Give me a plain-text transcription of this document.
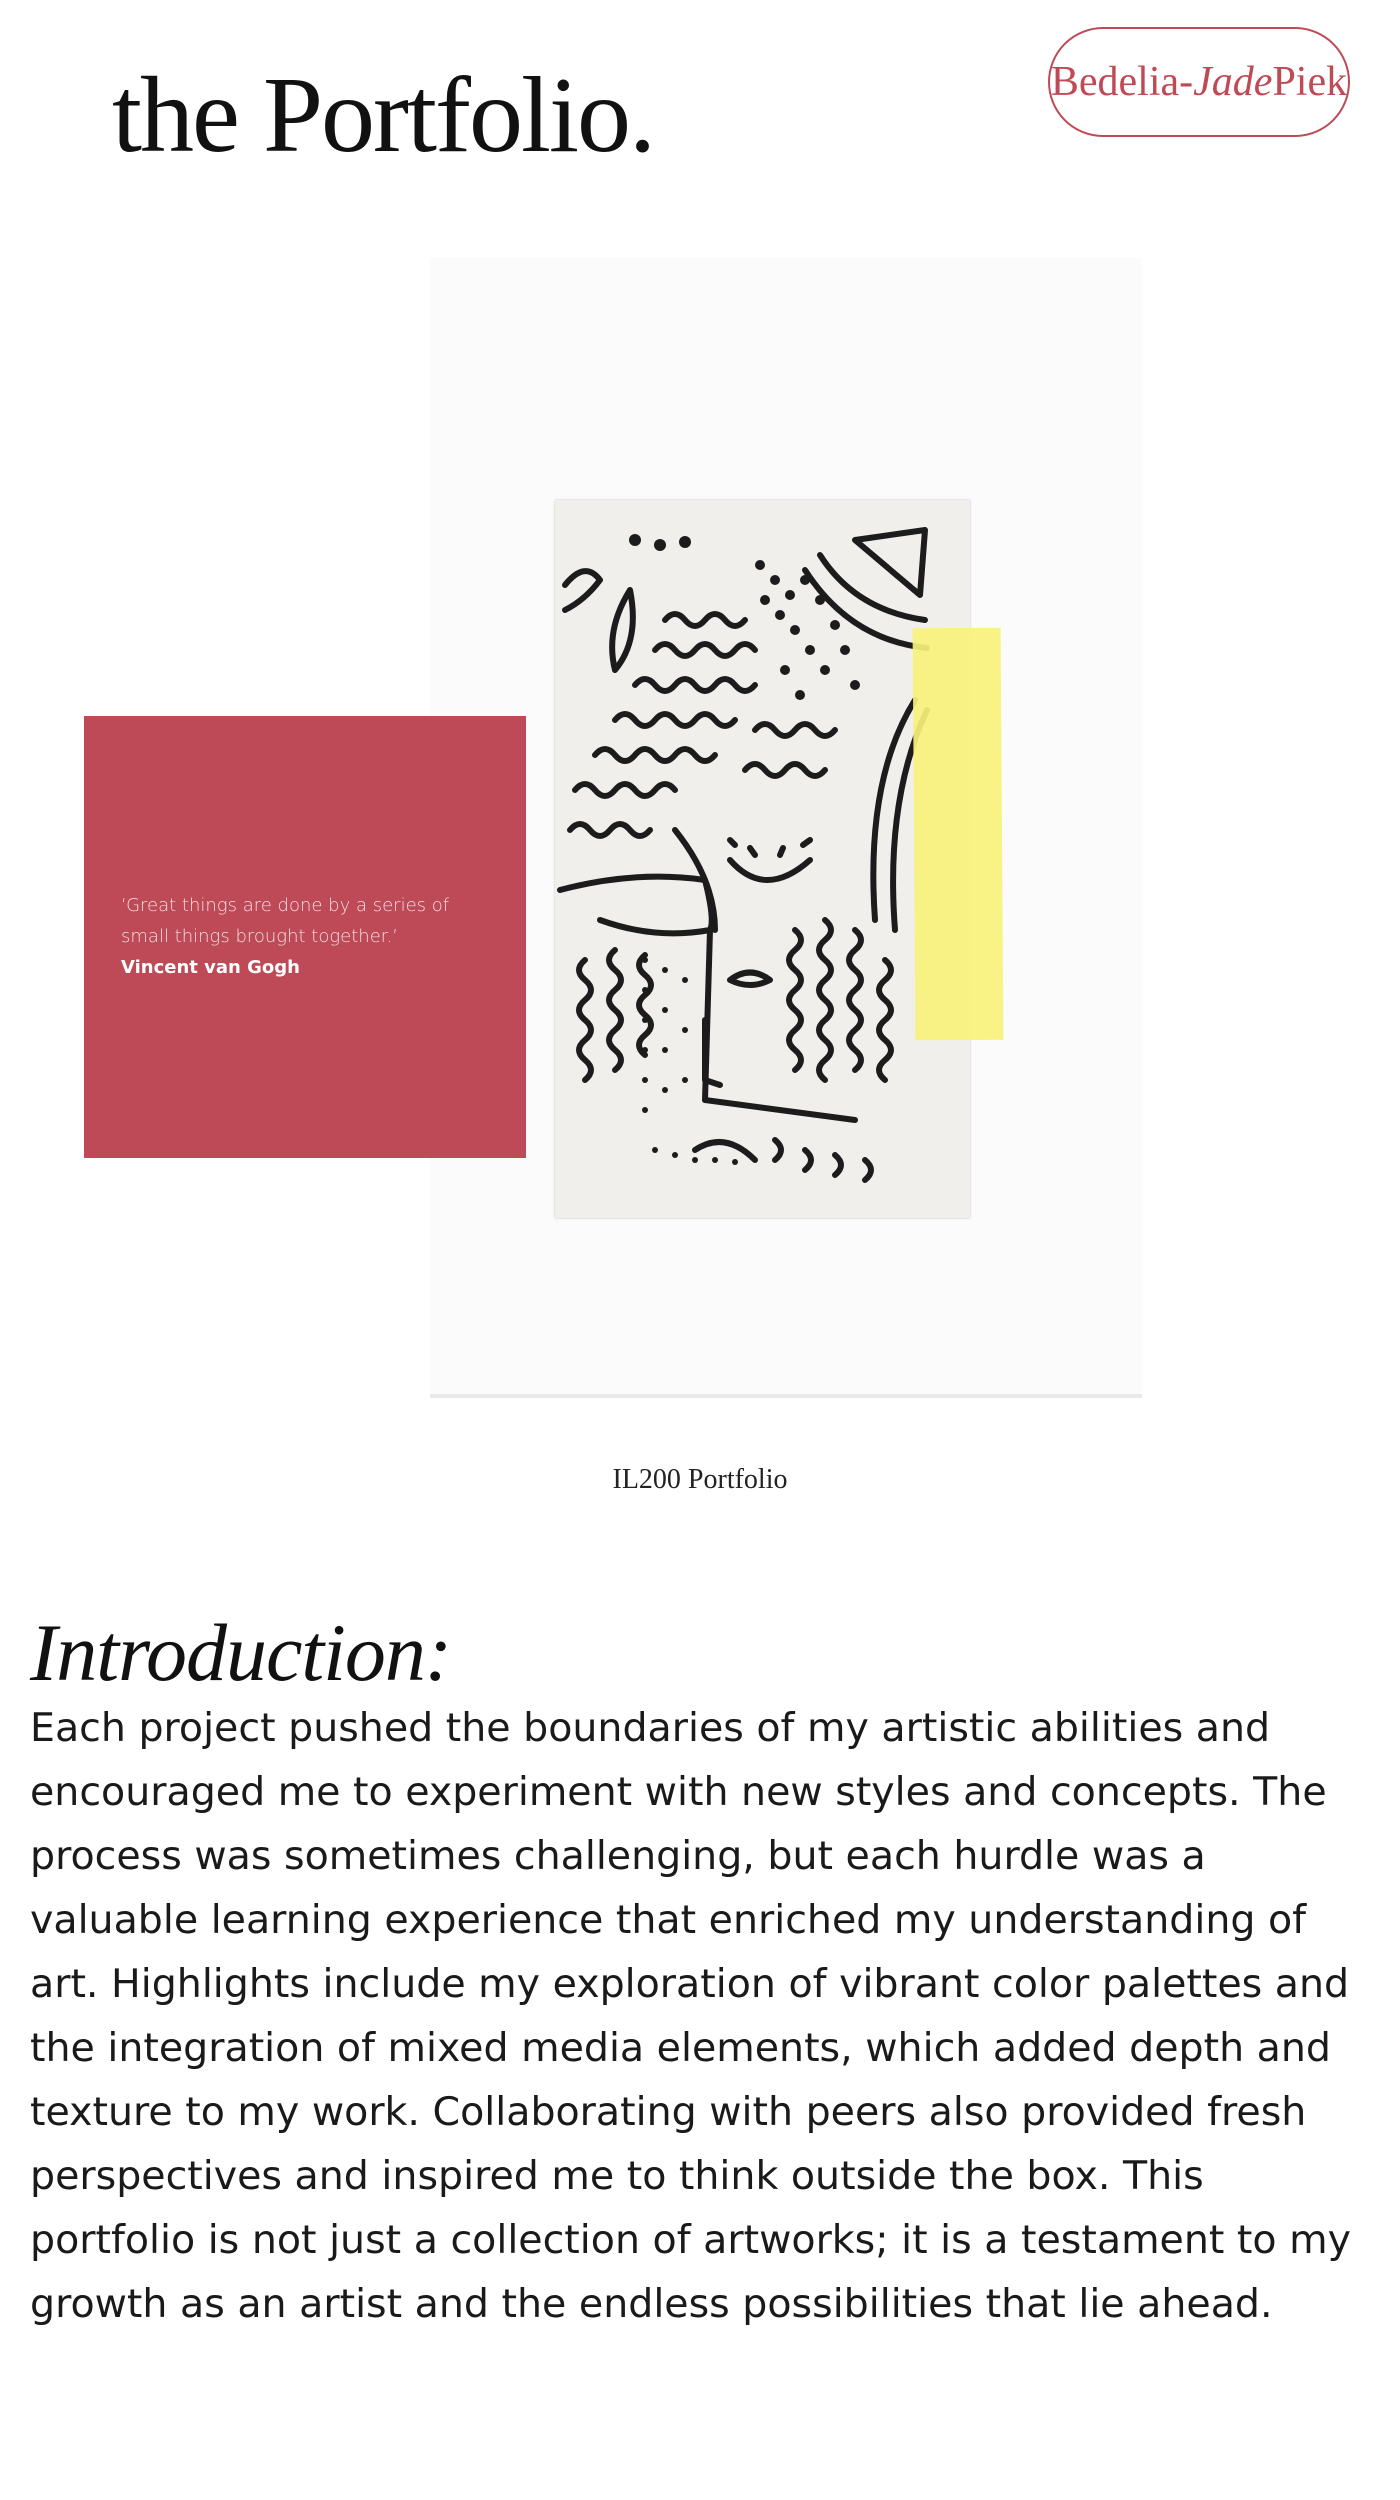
the Portfolio.	Bedelia- Jade Piek

‘Great things are done by a series of small things brought together.’

Vincent van Gogh

IL200 Portfolio
Introduction:

Each project pushed the boundaries of my artistic abilities and encouraged me to experiment with new styles and concepts. The process was sometimes challenging, but each hurdle was a valuable learning experience that enriched my understanding of art. Highlights include my exploration of vibrant color palettes and the integration of mixed media elements, which added depth and texture to my work. Collaborating with peers also provided fresh perspectives and inspired me to think outside the box. This portfolio is not just a collection of artworks; it is a testament to my growth as an artist and the endless possibilities that lie ahead.
